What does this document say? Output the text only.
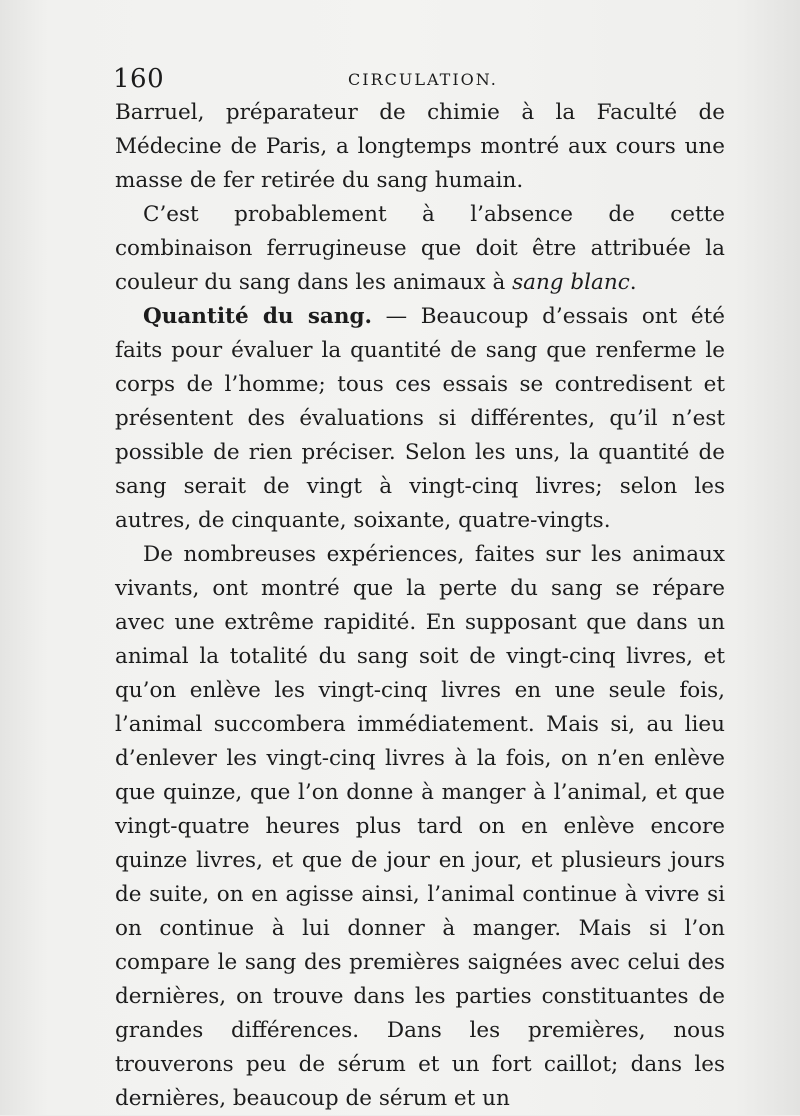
160	CIRCULATION.

Barruel, préparateur de chimie à la Faculté de Médecine de Paris, a longtemps montré aux cours une masse de fer retirée du sang humain.

C’est probablement à l’absence de cette combinaison ferrugineuse que doit être attribuée la couleur du sang dans les animaux à sang blanc.

Quantité du sang. — Beaucoup d’essais ont été faits pour évaluer la quantité de sang que renferme le corps de l’homme; tous ces essais se contredisent et présentent des évaluations si différentes, qu’il n’est possible de rien préciser. Selon les uns, la quantité de sang serait de vingt à vingt-cinq livres; selon les autres, de cinquante, soixante, quatre-vingts.

De nombreuses expériences, faites sur les animaux vivants, ont montré que la perte du sang se répare avec une extrême rapidité. En supposant que dans un animal la totalité du sang soit de vingt-cinq livres, et qu’on enlève les vingt-cinq livres en une seule fois, l’animal succombera immédiatement. Mais si, au lieu d’enlever les vingt-cinq livres à la fois, on n’en enlève que quinze, que l’on donne à manger à l’animal, et que vingt-quatre heures plus tard on en enlève encore quinze livres, et que de jour en jour, et plusieurs jours de suite, on en agisse ainsi, l’animal continue à vivre si on continue à lui donner à manger. Mais si l’on compare le sang des premières saignées avec celui des dernières, on trouve dans les parties constituantes de grandes différences. Dans les premières, nous trouverons peu de sérum et un fort caillot; dans les dernières, beaucoup de sérum et un
